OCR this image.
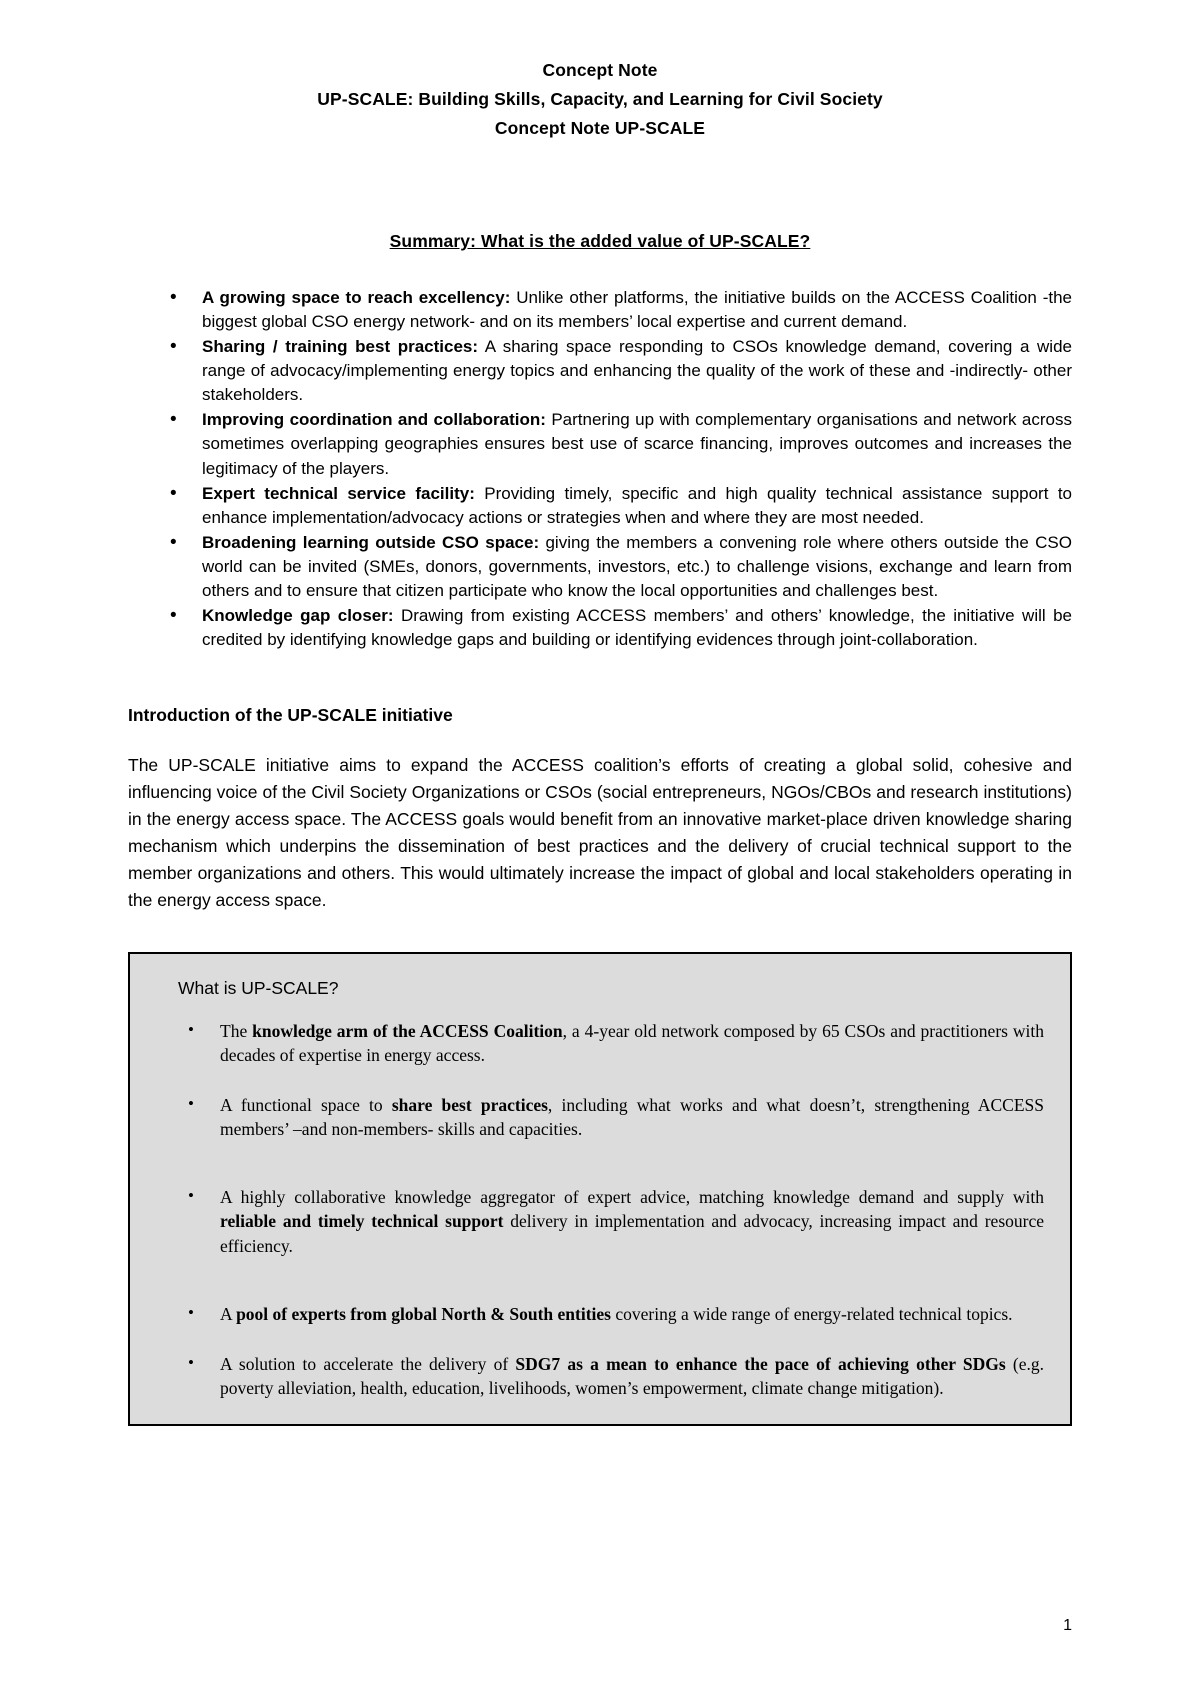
Concept Note
UP-SCALE: Building Skills, Capacity, and Learning for Civil Society
Concept Note UP-SCALE
Summary: What is the added value of UP-SCALE?
• A growing space to reach excellency: Unlike other platforms, the initiative builds on the ACCESS Coalition -the biggest global CSO energy network- and on its members’ local expertise and current demand.
• Sharing / training best practices: A sharing space responding to CSOs knowledge demand, covering a wide range of advocacy/implementing energy topics and enhancing the quality of the work of these and -indirectly- other stakeholders.
• Improving coordination and collaboration: Partnering up with complementary organisations and network across sometimes overlapping geographies ensures best use of scarce financing, improves outcomes and increases the legitimacy of the players.
• Expert technical service facility: Providing timely, specific and high quality technical assistance support to enhance implementation/advocacy actions or strategies when and where they are most needed.
• Broadening learning outside CSO space: giving the members a convening role where others outside the CSO world can be invited (SMEs, donors, governments, investors, etc.) to challenge visions, exchange and learn from others and to ensure that citizen participate who know the local opportunities and challenges best.
• Knowledge gap closer: Drawing from existing ACCESS members’ and others’ knowledge, the initiative will be credited by identifying knowledge gaps and building or identifying evidences through joint-collaboration.
Introduction of the UP-SCALE initiative

The UP-SCALE initiative aims to expand the ACCESS coalition’s efforts of creating a global solid, cohesive and influencing voice of the Civil Society Organizations or CSOs (social entrepreneurs, NGOs/CBOs and research institutions) in the energy access space. The ACCESS goals would benefit from an innovative market-place driven knowledge sharing mechanism which underpins the dissemination of best practices and the delivery of crucial technical support to the member organizations and others. This would ultimately increase the impact of global and local stakeholders operating in the energy access space.

What is UP-SCALE?
• The knowledge arm of the ACCESS Coalition, a 4-year old network composed by 65 CSOs and practitioners with decades of expertise in energy access.
• A functional space to share best practices, including what works and what doesn’t, strengthening ACCESS members’ –and non-members- skills and capacities.
• A highly collaborative knowledge aggregator of expert advice, matching knowledge demand and supply with reliable and timely technical support delivery in implementation and advocacy, increasing impact and resource efficiency.
• A pool of experts from global North & South entities covering a wide range of energy-related technical topics.
• A solution to accelerate the delivery of SDG7 as a mean to enhance the pace of achieving other SDGs (e.g. poverty alleviation, health, education, livelihoods, women’s empowerment, climate change mitigation).
1
